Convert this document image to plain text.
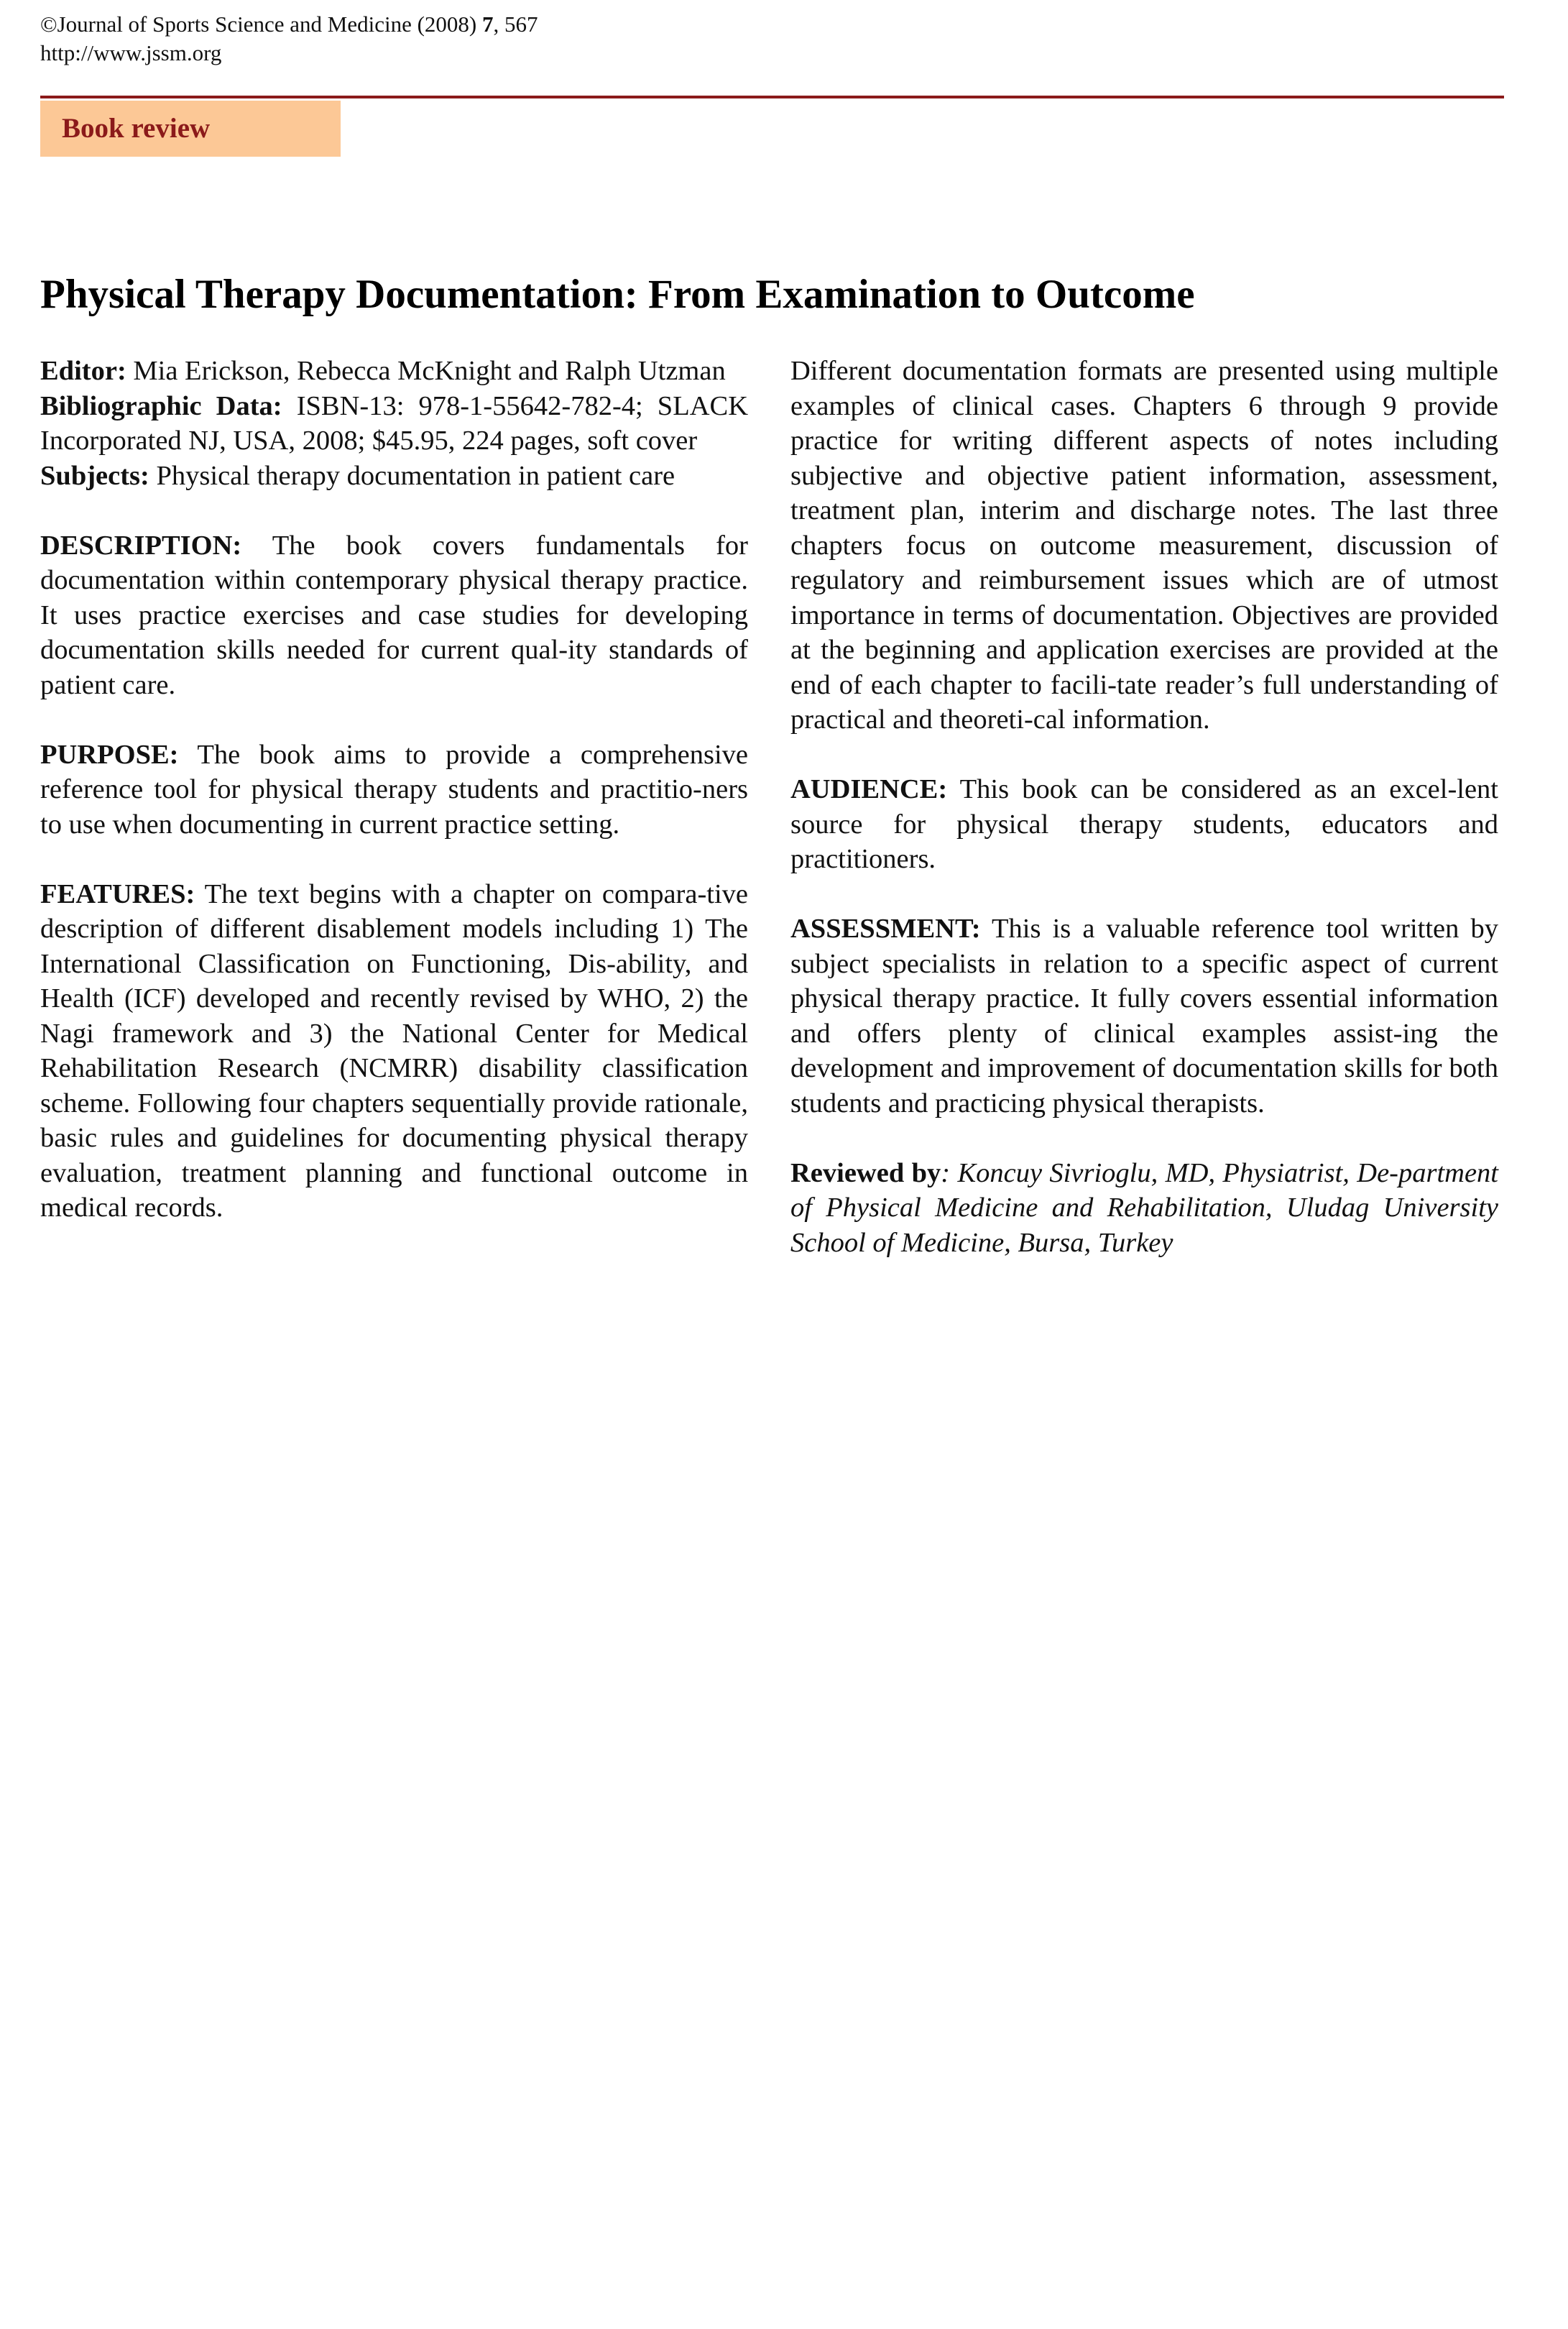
©Journal of Sports Science and Medicine (2008) 7, 567
http://www.jssm.org
Book review
Physical Therapy Documentation: From Examination to Outcome

Editor: Mia Erickson, Rebecca McKnight and Ralph Utzman

Bibliographic Data: ISBN-13: 978-1-55642-782-4; SLACK Incorporated NJ, USA, 2008; $45.95, 224 pages, soft cover

Subjects: Physical therapy documentation in patient care

DESCRIPTION: The book covers fundamentals for documentation within contemporary physical therapy practice. It uses practice exercises and case studies for developing documentation skills needed for current qual-ity standards of patient care.

PURPOSE: The book aims to provide a comprehensive reference tool for physical therapy students and practitio-ners to use when documenting in current practice setting.

FEATURES: The text begins with a chapter on compara-tive description of different disablement models including 1) The International Classification on Functioning, Dis-ability, and Health (ICF) developed and recently revised by WHO, 2) the Nagi framework and 3) the National Center for Medical Rehabilitation Research (NCMRR) disability classification scheme. Following four chapters sequentially provide rationale, basic rules and guidelines for documenting physical therapy evaluation, treatment planning and functional outcome in medical records.

Different documentation formats are presented using multiple examples of clinical cases. Chapters 6 through 9 provide practice for writing different aspects of notes including subjective and objective patient information, assessment, treatment plan, interim and discharge notes. The last three chapters focus on outcome measurement, discussion of regulatory and reimbursement issues which are of utmost importance in terms of documentation. Objectives are provided at the beginning and application exercises are provided at the end of each chapter to facili-tate reader’s full understanding of practical and theoreti-cal information.

AUDIENCE: This book can be considered as an excel-lent source for physical therapy students, educators and practitioners.

ASSESSMENT: This is a valuable reference tool written by subject specialists in relation to a specific aspect of current physical therapy practice. It fully covers essential information and offers plenty of clinical examples assist-ing the development and improvement of documentation skills for both students and practicing physical therapists.

Reviewed by: Koncuy Sivrioglu, MD, Physiatrist, De-partment of Physical Medicine and Rehabilitation, Uludag University School of Medicine, Bursa, Turkey
